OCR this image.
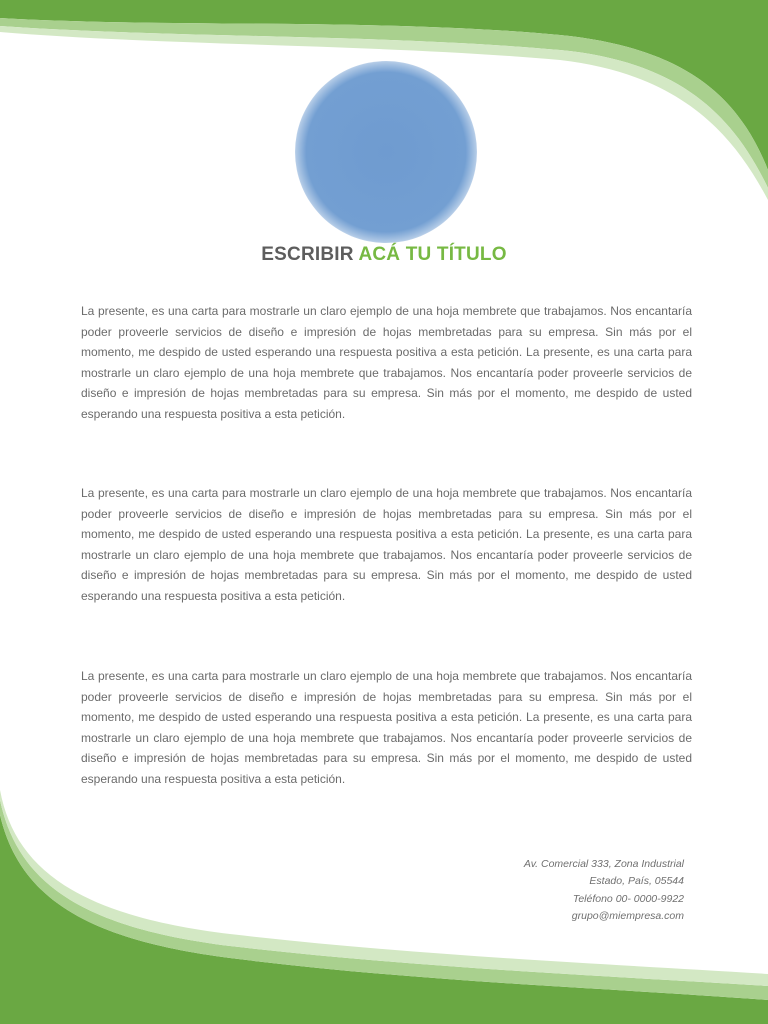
ESCRIBIR ACÁ TU TÍTULO

La presente, es una carta para mostrarle un claro ejemplo de una hoja membrete que trabajamos. Nos encantaría poder proveerle servicios de diseño e impresión de hojas membretadas para su empresa. Sin más por el momento, me despido de usted esperando una respuesta positiva a esta petición. La presente, es una carta para mostrarle un claro ejemplo de una hoja membrete que trabajamos. Nos encantaría poder proveerle servicios de diseño e impresión de hojas membretadas para su empresa. Sin más por el momento, me despido de usted esperando una respuesta positiva a esta petición.

La presente, es una carta para mostrarle un claro ejemplo de una hoja membrete que trabajamos. Nos encantaría poder proveerle servicios de diseño e impresión de hojas membretadas para su empresa. Sin más por el momento, me despido de usted esperando una respuesta positiva a esta petición. La presente, es una carta para mostrarle un claro ejemplo de una hoja membrete que trabajamos. Nos encantaría poder proveerle servicios de diseño e impresión de hojas membretadas para su empresa. Sin más por el momento, me despido de usted esperando una respuesta positiva a esta petición.

La presente, es una carta para mostrarle un claro ejemplo de una hoja membrete que trabajamos. Nos encantaría poder proveerle servicios de diseño e impresión de hojas membretadas para su empresa. Sin más por el momento, me despido de usted esperando una respuesta positiva a esta petición. La presente, es una carta para mostrarle un claro ejemplo de una hoja membrete que trabajamos. Nos encantaría poder proveerle servicios de diseño e impresión de hojas membretadas para su empresa. Sin más por el momento, me despido de usted esperando una respuesta positiva a esta petición.

Av. Comercial 333, Zona Industrial
Estado, País, 05544
Teléfono 00- 0000-9922
grupo@miempresa.com
